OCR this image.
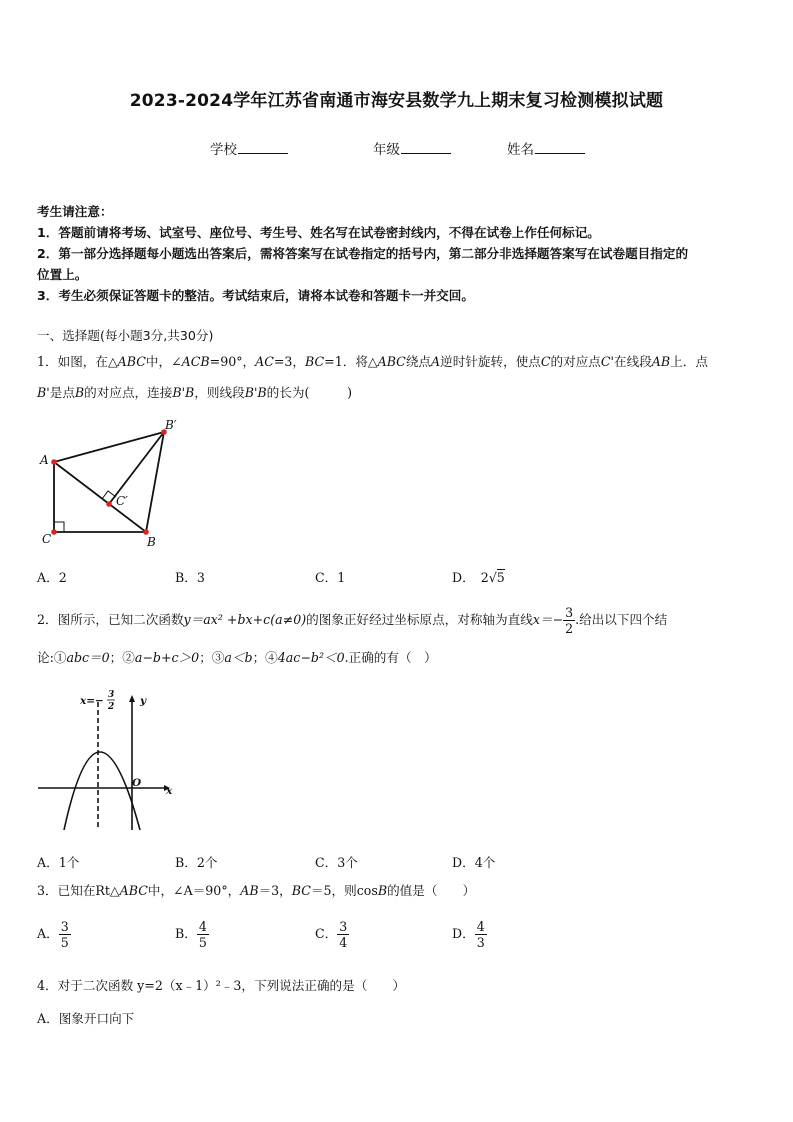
2023-2024学年江苏省南通市海安县数学九上期末复习检测模拟试题
学校	年级	姓名
考生请注意：
1．答题前请将考场、试室号、座位号、考生号、姓名写在试卷密封线内，不得在试卷上作任何标记。
2．第一部分选择题每小题选出答案后，需将答案写在试卷指定的括号内，第二部分非选择题答案写在试卷题目指定的
位置上。
3．考生必须保证答题卡的整洁。考试结束后，请将本试卷和答题卡一并交回。
一、选择题(每小题3分,共30分)
1．如图，在△ABC中，∠ACB=90°，AC=3，BC=1．将△ABC绕点A逆时针旋转，使点C的对应点C'在线段AB上．点
B'是点B的对应点，连接B'B，则线段B'B的长为(　　　)
A
C	B
C′
B′
A．2	B．3	C．1	D． 2√5
2．图所示，已知二次函数y＝ax² +bx+c(a≠0)的图象正好经过坐标原点，对称轴为直线$x=- \frac{3}{2}$ .给出以下四个结
论:①abc＝0；②a−b+c＞0；③a＜b；④4ac−b²＜0.正确的有（　）
x=− 3
2 y
x
O
A．1个	B．2个	C．3个	D．4个
3．已知在Rt△ABC中，∠A＝90°，AB＝3，BC＝5，则cosB的值是（　　）
A． $\frac{3}{5}$	B． $\frac{4}{5}$	C． $\frac{3}{4}$	D． $\frac{4}{3}$
4．对于二次函数 y=2（x﹣1）²﹣3，下列说法正确的是（　　）
A．图象开口向下
